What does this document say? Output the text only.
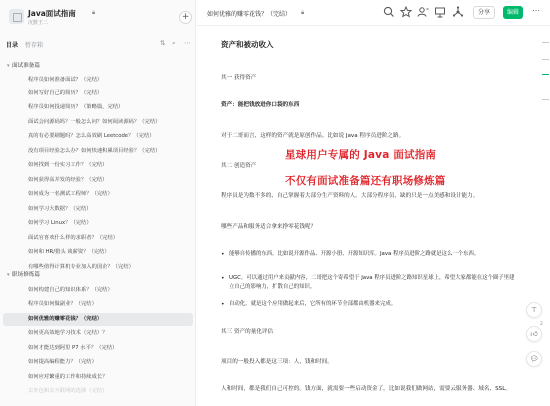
Java面试指南	🔒︎
沉默王二
+
目录 暂存箱	⇅ ⌕ ⋯
▾ 面试准备篇
程序员如何准备面试？（完结）
如何写好自己的简历？（完结）
程序员如何投递简历？（策略篇，完结）
面试会问源码吗？一般怎么问？如何阅读源码？（完结）
真的有必要刷题吗？怎么高效刷 Leetcode？（完结）
没有项目经验怎么办？如何快速积累项目经验？（完结）
如何找到一份实习工作？（完结）
如何获得高并发的经验？（完结）
如何成为一名测试工程师？（完结）
如何学习大数据？（完结）
如何学习 Linux？（完结）
面试官喜欢什么样的求职者？（完结）
如何和 HR/猎头 谈薪资？（完结）
有哪些值得计算机专业加入的国企？（完结）
▾ 职场修炼篇
如何构建自己的知识体系？（完结）
程序员如何做副业？（完结）
如何优雅的赚零花钱？（完结）
如何更高效地学习技术（完结）？
如何才能达到阿里 P7 水平？（完结）
如何提高编程能力？（完结）
如何应对繁重的工作和持续成长？
去外包和去互联网的选择（完结）
如何优雅的赚零花钱？（完结） 🔒︎	分享	编辑	⋯
资产和被动收入
其一 获得资产
资产：能把钱放进你口袋的东西
对于二哥而言，这样的资产就是原创作品。比如说 Java 程序员进阶之路。
其二 创造资产
程序员是为数不多的、自己掌握着大部分生产资料的人。大部分程序员，缺的只是一点美感和设计能力。
哪些产品和服务适合拿来挣零花钱呢？
• 能够自传播的东西。比如说开源作品、开源小册、开源知识库。Java 程序员进阶之路就是这么一个东西。
• UGC。可以通过用户来贡献内容，二哥把这个寄希望于 Java 程序员进阶之路知识星球上，希望大家都能在这个圈子里建立自己的影响力，扩散自己的知识。
• 自动化，就是这个应用做起来后，它所有的环节全部都由机器来完成。
其三 资产的量化评估
项目的一般投入都是这三项：人，钱和时间。
人和时间，都是我们自己可控的。钱方面，就需要一些启动资金了。比如说我们做网站，需要云服务器、域名、SSL。
星球用户专属的 Java 面试指南
不仅有面试准备篇还有职场修炼篇
⊤
👍︎
2
💬︎
